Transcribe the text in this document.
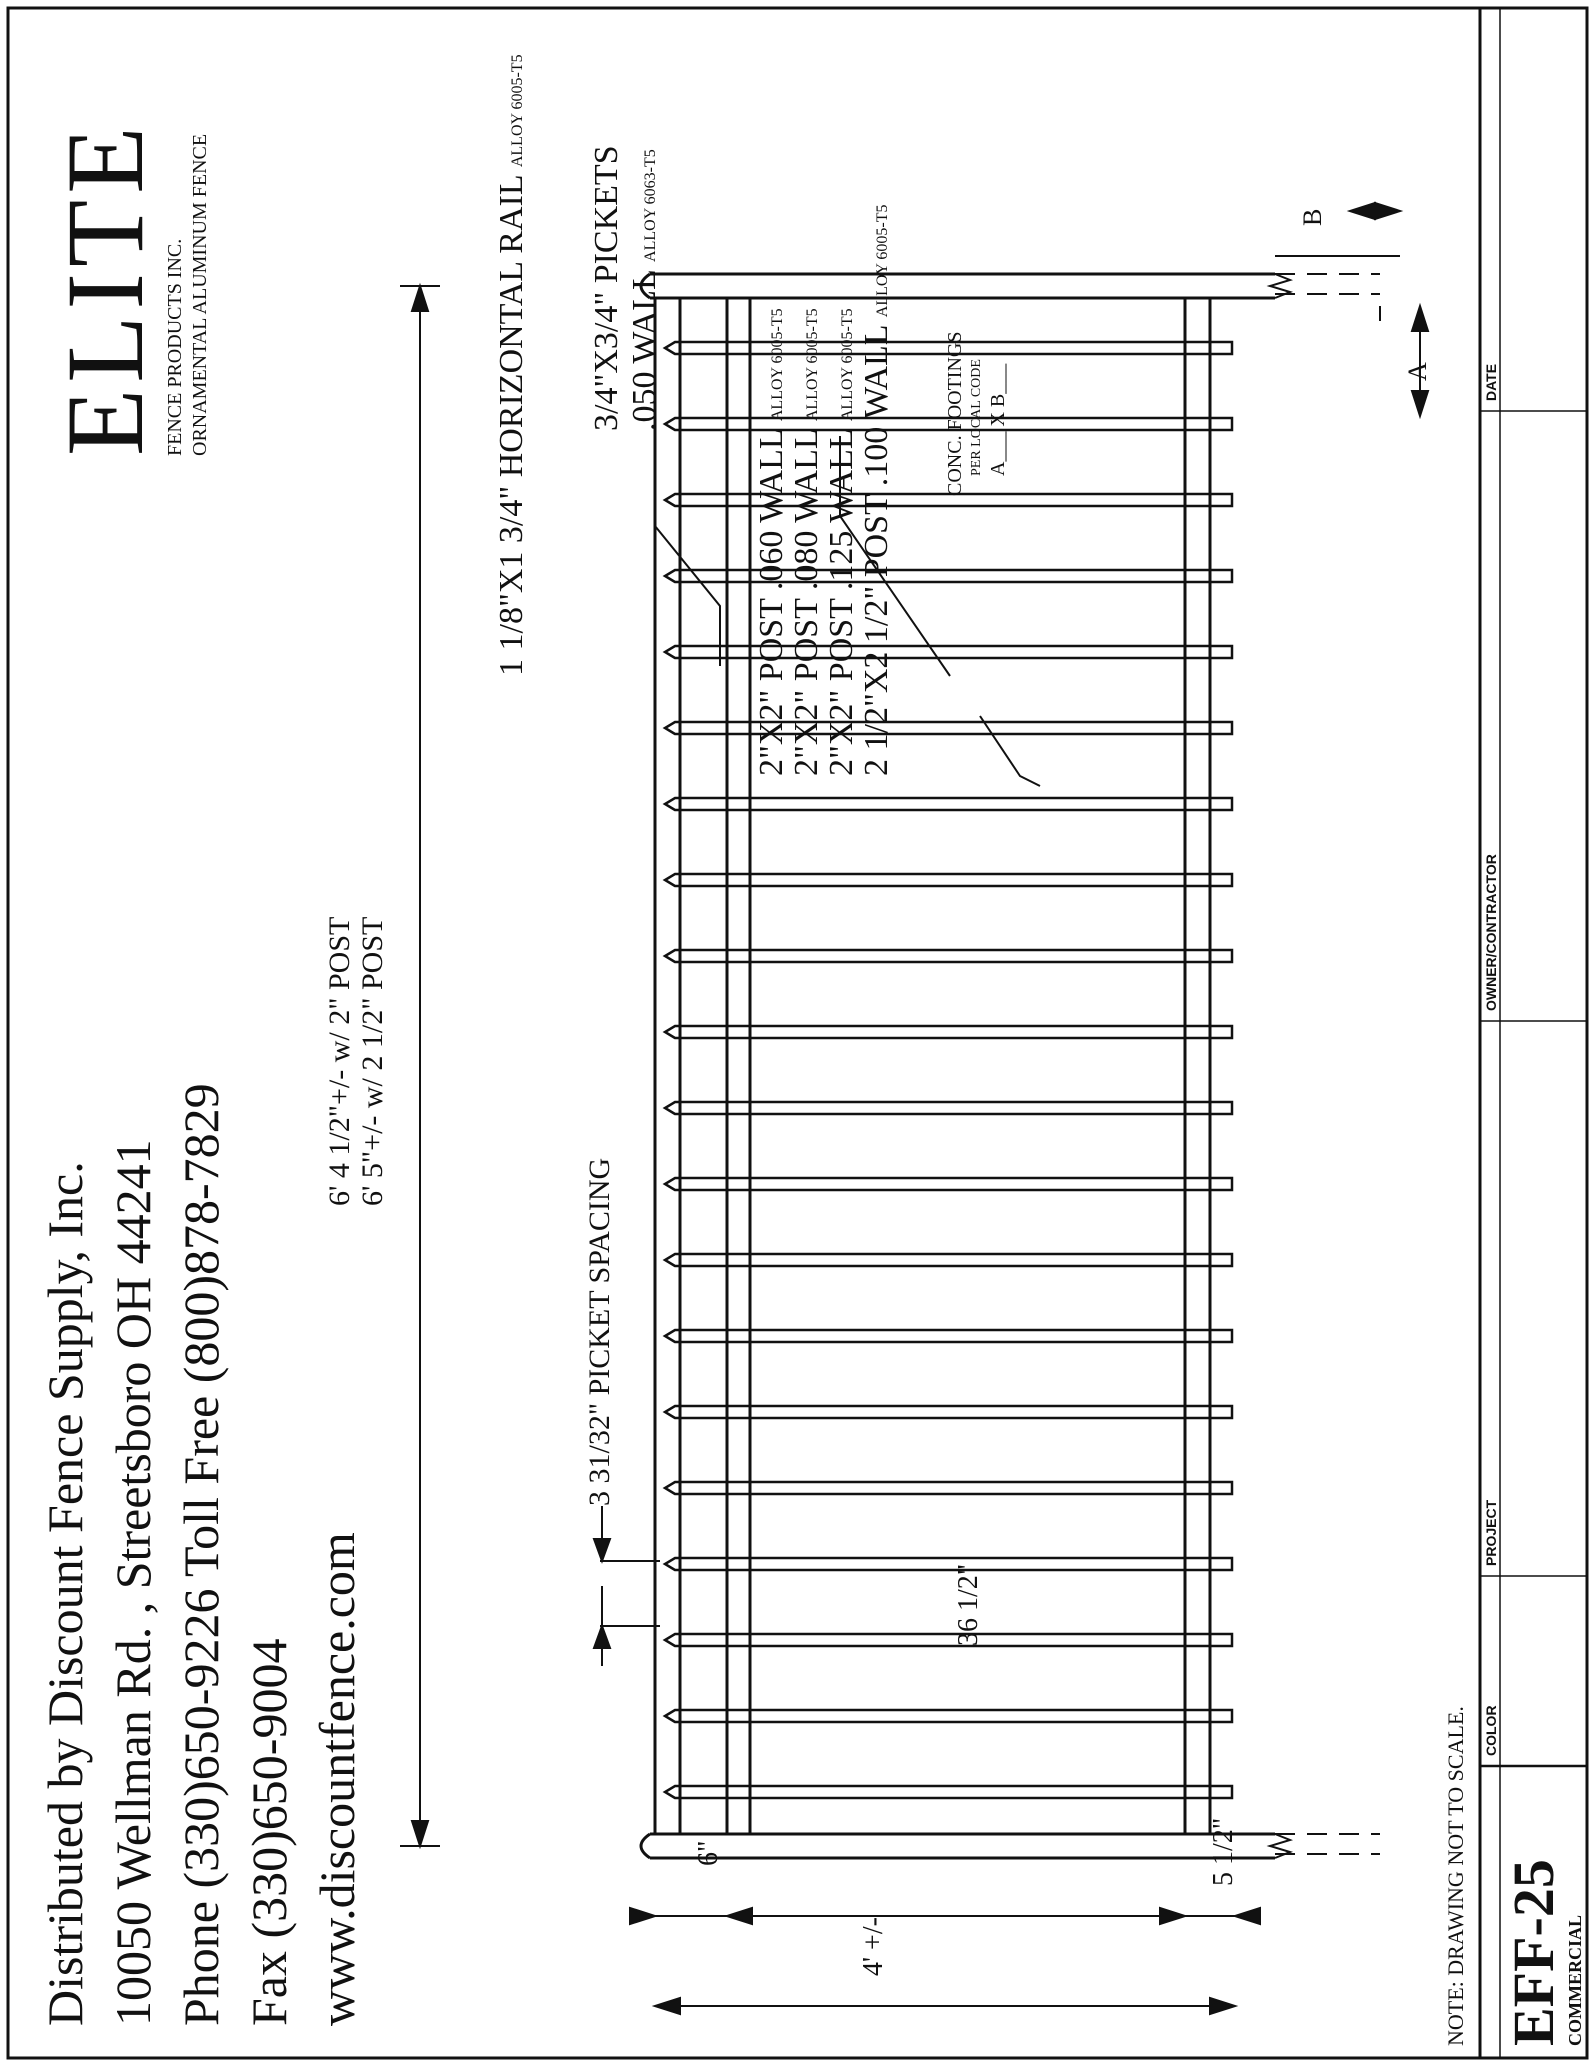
Distributed by Discount Fence Supply, Inc. 10050 Wellman Rd. , Streetsboro OH 44241 Phone (330)650-9226 Toll Free (800)878-7829 Fax (330)650-9004 www.discountfence.com
ELITE
FENCE PRODUCTS INC. ORNAMENTAL ALUMINUM FENCE	1 1/8"X1 3/4" HORIZONTAL RAIL ALLOY 6005-T5
3/4"X3/4" PICKETS .050 WALL ALLOY 6063-T5
2"X2" POST .060 WALL ALLOY 6005-T5
2"X2" POST .080 WALL ALLOY 6005-T5
2"X2" POST .125 WALL ALLOY 6005-T5 2 1/2"X2 1/2" POST .100 WALL ALLOY 6005-T5
CONC. FOOTINGS PER LOCAL CODE A___ X B___
6' 4 1/2"+/- w/ 2" POST 6' 5"+/- w/ 2 1/2" POST
3 31/32" PICKET SPACING
6"
36 1/2"
5 1/2"
4' +/-
A
B
NOTE: DRAWING NOT TO SCALE. EFF-25 COMMERCIAL
COLOR
PROJECT
OWNER/CONTRACTOR
DATE
